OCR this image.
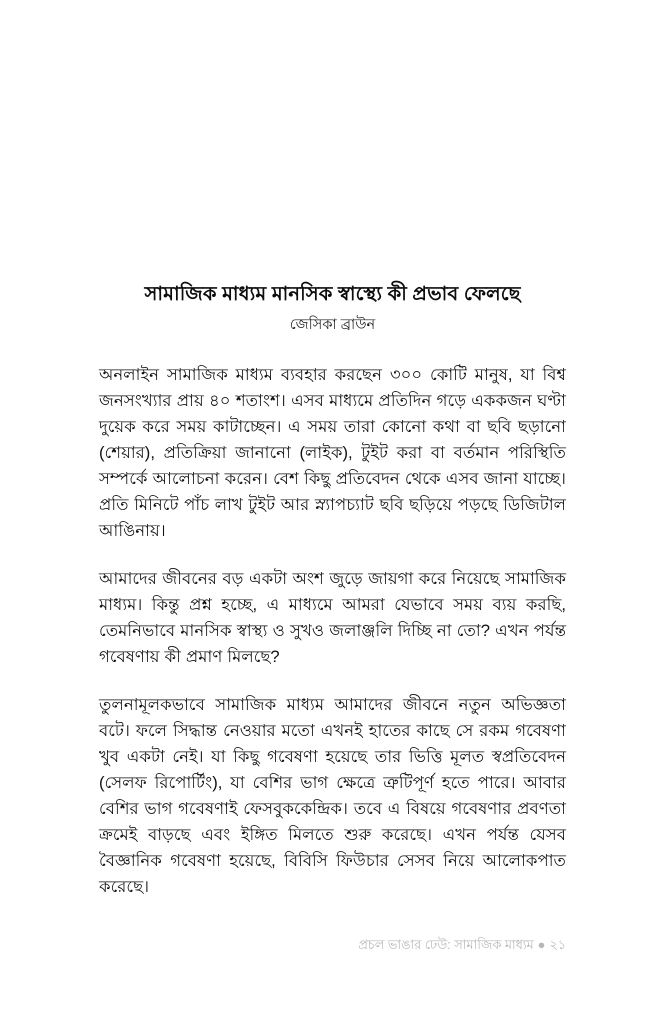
সামাজিক মাধ্যম মানসিক স্বাস্থ্যে কী প্রভাব ফেলছে
জেসিকা ব্রাউন

অনলাইন সামাজিক মাধ্যম ব্যবহার করছেন ৩০০ কোটি মানুষ, যা বিশ্ব জনসংখ্যার প্রায় ৪০ শতাংশ। এসব মাধ্যমে প্রতিদিন গড়ে এককজন ঘণ্টা দুয়েক করে সময় কাটাচ্ছেন। এ সময় তারা কোনো কথা বা ছবি ছড়ানো (শেয়ার), প্রতিক্রিয়া জানানো (লাইক), টুইট করা বা বর্তমান পরিস্থিতি সম্পর্কে আলোচনা করেন। বেশ কিছু প্রতিবেদন থেকে এসব জানা যাচ্ছে। প্রতি মিনিটে পাঁচ লাখ টুইট আর স্ন্যাপচ্যাট ছবি ছড়িয়ে পড়ছে ডিজিটাল আঙিনায়।

আমাদের জীবনের বড় একটা অংশ জুড়ে জায়গা করে নিয়েছে সামাজিক মাধ্যম। কিন্তু প্রশ্ন হচ্ছে, এ মাধ্যমে আমরা যেভাবে সময় ব্যয় করছি, তেমনিভাবে মানসিক স্বাস্থ্য ও সুখও জলাঞ্জলি দিচ্ছি না তো? এখন পর্যন্ত গবেষণায় কী প্রমাণ মিলছে?

তুলনামূলকভাবে সামাজিক মাধ্যম আমাদের জীবনে নতুন অভিজ্ঞতা বটে। ফলে সিদ্ধান্ত নেওয়ার মতো এখনই হাতের কাছে সে রকম গবেষণা খুব একটা নেই। যা কিছু গবেষণা হয়েছে তার ভিত্তি মূলত স্বপ্রতিবেদন (সেলফ রিপোর্টিং), যা বেশির ভাগ ক্ষেত্রে ত্রুটিপূর্ণ হতে পারে। আবার বেশির ভাগ গবেষণাই ফেসবুককেন্দ্রিক। তবে এ বিষয়ে গবেষণার প্রবণতা ক্রমেই বাড়ছে এবং ইঙ্গিত মিলতে শুরু করেছে। এখন পর্যন্ত যেসব বৈজ্ঞানিক গবেষণা হয়েছে, বিবিসি ফিউচার সেসব নিয়ে আলোকপাত করেছে।

প্রচল ভাঙার ঢেউ: সামাজিক মাধ্যম ● ২১
